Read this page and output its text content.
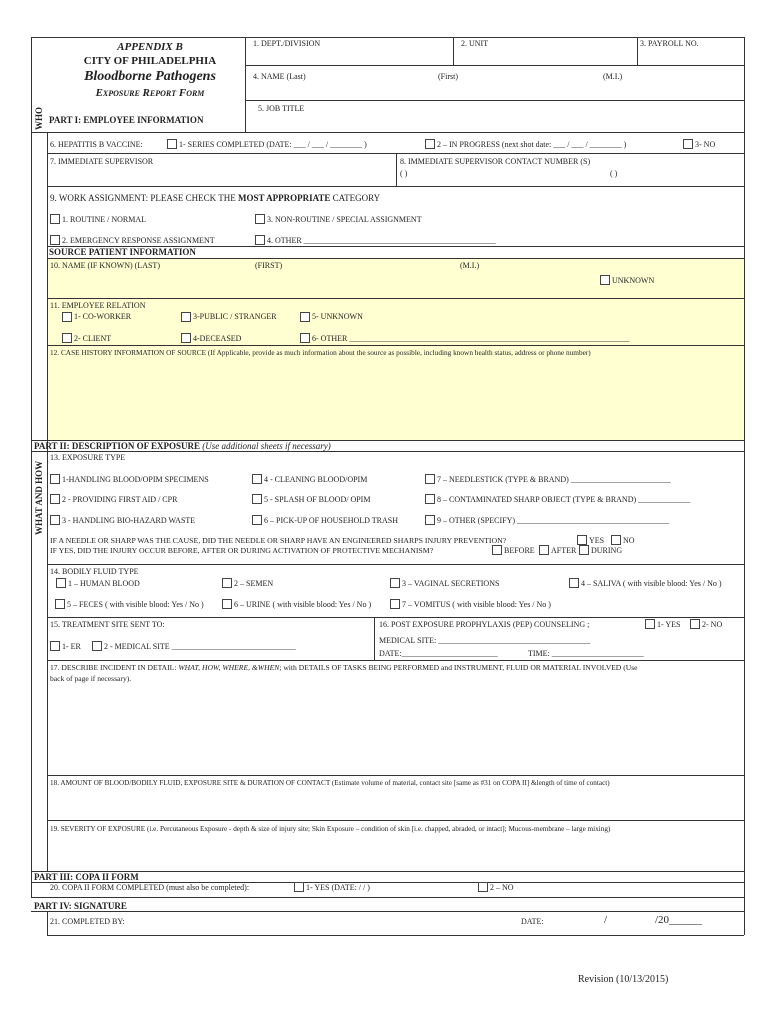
APPENDIX B
CITY OF PHILADELPHIA
Bloodborne Pathogens
Exposure Report Form
1. DEPT./DIVISION	2. UNIT	3. PAYROLL NO.
4. NAME (Last)	(First)	(M.I.)
5. JOB TITLE
WHO PART I: EMPLOYEE INFORMATION
6. HEPATITIS B VACCINE:	1- SERIES COMPLETED (DATE: ___ / ___ / ________ )	2 – IN PROGRESS (next shot date: ___ / ___ / ________ )	3- NO
7. IMMEDIATE SUPERVISOR	8. IMMEDIATE SUPERVISOR CONTACT NUMBER (S)
( )	( )
9. WORK ASSIGNMENT: PLEASE CHECK THE MOST APPROPRIATE CATEGORY
1. ROUTINE / NORMAL	3. NON-ROUTINE / SPECIAL ASSIGNMENT
2. EMERGENCY RESPONSE ASSIGNMENT	4. OTHER ________________________________________________
SOURCE PATIENT INFORMATION
10. NAME (IF KNOWN) (LAST)	(FIRST)	(M.I.)
UNKNOWN
11. EMPLOYEE RELATION
1- CO-WORKER	3-PUBLIC / STRANGER	5- UNKNOWN
2- CLIENT	4-DECEASED	6- OTHER ______________________________________________________________________
12. CASE HISTORY INFORMATION OF SOURCE (If Applicable, provide as much information about the source as possible, including known health status, address or phone number)
PART II: DESCRIPTION OF EXPOSURE (Use additional sheets if necessary)
WHAT AND HOW
13. EXPOSURE TYPE
1-HANDLING BLOOD/OPIM SPECIMENS	4 - CLEANING BLOOD/OPIM	7 – NEEDLESTICK (TYPE & BRAND) _________________________
2 - PROVIDING FIRST AID / CPR	5 - SPLASH OF BLOOD/ OPIM	8 – CONTAMINATED SHARP OBJECT (TYPE & BRAND) _____________
3 - HANDLING BIO-HAZARD WASTE	6 – PICK-UP OF HOUSEHOLD TRASH	9 – OTHER (SPECIFY) ______________________________________
IF A NEEDLE OR SHARP WAS THE CAUSE, DID THE NEEDLE OR SHARP HAVE AN ENGINEERED SHARPS INJURY PREVENTION?	YES NO
IF YES, DID THE INJURY OCCUR BEFORE, AFTER OR DURING ACTIVATION OF PROTECTIVE MECHANISM?	BEFORE AFTER DURING
14. BODILY FLUID TYPE
1 – HUMAN BLOOD	2 – SEMEN	3 – VAGINAL SECRETIONS	4 – SALIVA ( with visible blood: Yes / No )
5 – FECES ( with visible blood: Yes / No )	6 – URINE ( with visible blood: Yes / No )	7 – VOMITUS ( with visible blood: Yes / No )
15. TREATMENT SITE SENT TO:
1- ER	2 - MEDICAL SITE _______________________________
16. POST EXPOSURE PROPHYLAXIS (PEP) COUNSELING ;	1- YES	2- NO
MEDICAL SITE: ______________________________________
DATE:________________________	TIME: _______________________
17. DESCRIBE INCIDENT IN DETAIL: WHAT, HOW, WHERE, &WHEN; with DETAILS OF TASKS BEING PERFORMED and INSTRUMENT, FLUID OR MATERIAL INVOLVED (Use
back of page if necessary).
18. AMOUNT OF BLOOD/BODILY FLUID, EXPOSURE SITE & DURATION OF CONTACT (Estimate volume of material, contact site [same as #31 on COPA II] &length of time of contact)
19. SEVERITY OF EXPOSURE (i.e. Percutaneous Exposure - depth & size of injury site; Skin Exposure – condition of skin [i.e. chapped, abraded, or intact]; Mucous-membrane – large mixing)
PART III: COPA II FORM
20. COPA II FORM COMPLETED (must also be completed):	1- YES (DATE: / / )	2 – NO
PART IV: SIGNATURE
21. COMPLETED BY:	DATE:	/	/20______
Revision (10/13/2015)
